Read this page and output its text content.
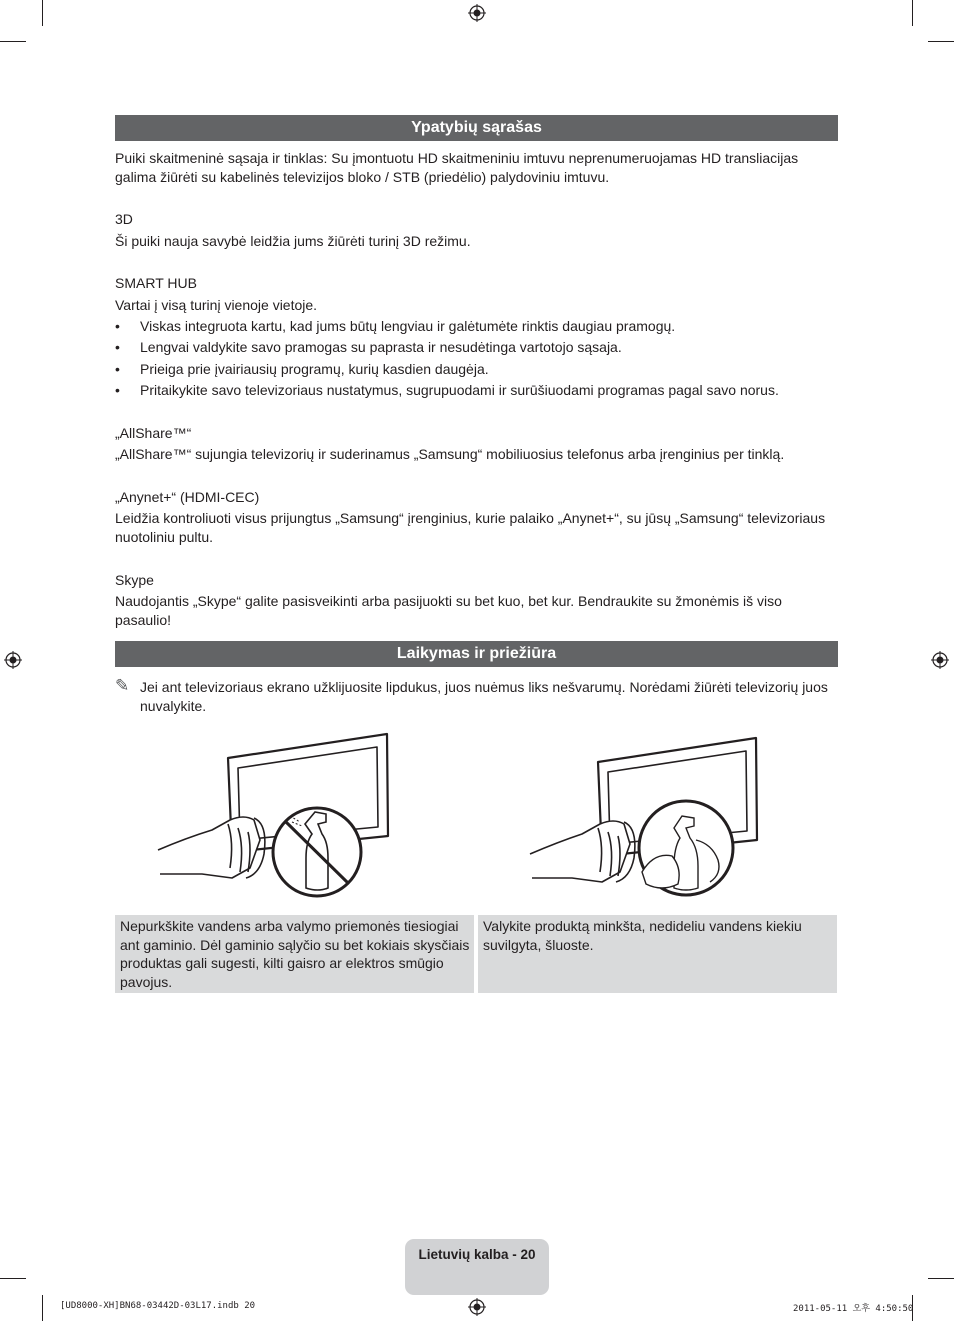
Ypatybių sąrašas
Puiki skaitmeninė sąsaja ir tinklas: Su įmontuotu HD skaitmeniniu imtuvu neprenumeruojamas HD transliacijas galima žiūrėti su kabelinės televizijos bloko / STB (priedėlio) palydoviniu imtuvu.
3D
Ši puiki nauja savybė leidžia jums žiūrėti turinį 3D režimu.
SMART HUB
Vartai į visą turinį vienoje vietoje.
• Viskas integruota kartu, kad jums būtų lengviau ir galėtumėte rinktis daugiau pramogų.
• Lengvai valdykite savo pramogas su paprasta ir nesudėtinga vartotojo sąsaja.
• Prieiga prie įvairiausių programų, kurių kasdien daugėja.
• Pritaikykite savo televizoriaus nustatymus, sugrupuodami ir surūšiuodami programas pagal savo norus.
„AllShare™“
„AllShare™“ sujungia televizorių ir suderinamus „Samsung“ mobiliuosius telefonus arba įrenginius per tinklą.
„Anynet+“ (HDMI-CEC)
Leidžia kontroliuoti visus prijungtus „Samsung“ įrenginius, kurie palaiko „Anynet+“, su jūsų „Samsung“ televizoriaus nuotoliniu pultu.
Skype
Naudojantis „Skype“ galite pasisveikinti arba pasijuokti su bet kuo, bet kur. Bendraukite su žmonėmis iš viso pasaulio!
Laikymas ir priežiūra
✎ Jei ant televizoriaus ekrano užklijuosite lipdukus, juos nuėmus liks nešvarumų. Norėdami žiūrėti televizorių juos nuvalykite.
Nepurkškite vandens arba valymo priemonės tiesiogiai ant gaminio. Dėl gaminio sąlyčio su bet kokiais skysčiais produktas gali sugesti, kilti gaisro ar elektros smūgio pavojus.
Valykite produktą minkšta, nedideliu vandens kiekiu suvilgyta, šluoste.
Lietuvių kalba - 20
[UD8000-XH]BN68-03442D-03L17.indb 20	2011-05-11 오후 4:50:50
